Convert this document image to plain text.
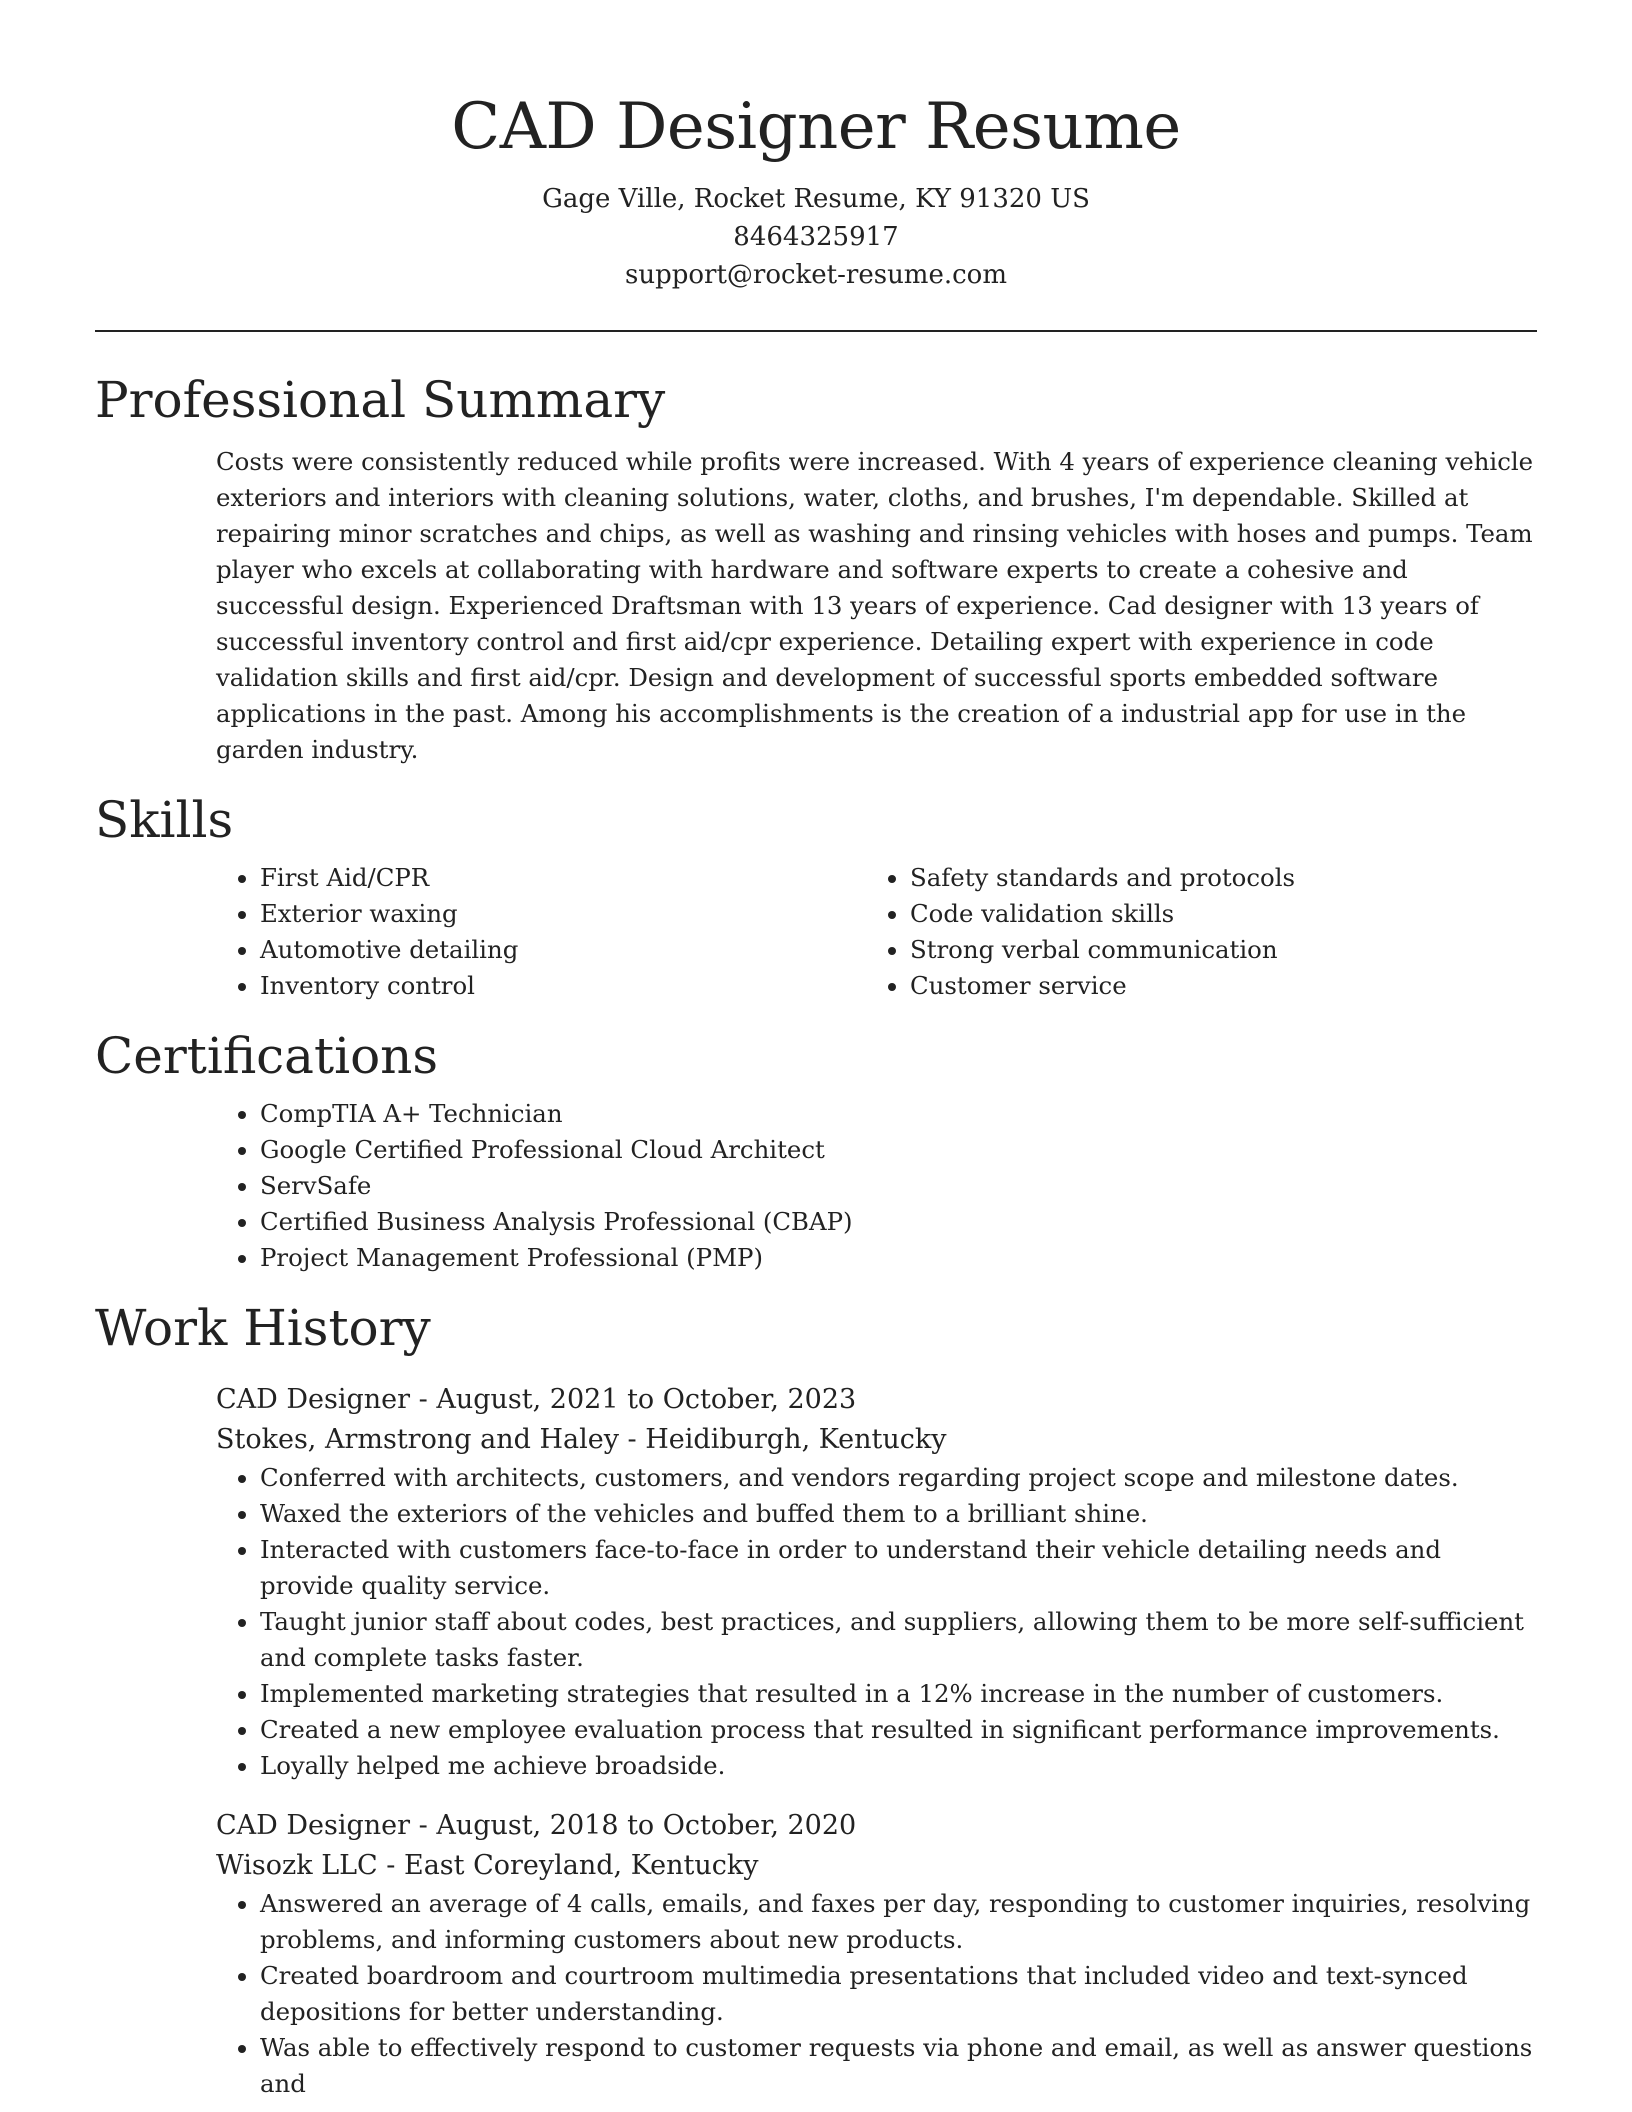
CAD Designer Resume
Gage Ville, Rocket Resume, KY 91320 US
8464325917
support@rocket-resume.com
Professional Summary

Costs were consistently reduced while profits were increased. With 4 years of experience cleaning vehicle exteriors and interiors with cleaning solutions, water, cloths, and brushes, I'm dependable. Skilled at repairing minor scratches and chips, as well as washing and rinsing vehicles with hoses and pumps. Team player who excels at collaborating with hardware and software experts to create a cohesive and successful design. Experienced Draftsman with 13 years of experience. Cad designer with 13 years of successful inventory control and first aid/cpr experience. Detailing expert with experience in code validation skills and first aid/cpr. Design and development of successful sports embedded software applications in the past. Among his accomplishments is the creation of a industrial app for use in the garden industry.

Skills
• First Aid/CPR
• Exterior waxing
• Automotive detailing
• Inventory control
• Safety standards and protocols
• Code validation skills
• Strong verbal communication
• Customer service
Certifications
• CompTIA A+ Technician
• Google Certified Professional Cloud Architect
• ServSafe
• Certified Business Analysis Professional (CBAP)
• Project Management Professional (PMP)
Work History
CAD Designer - August, 2021 to October, 2023
Stokes, Armstrong and Haley - Heidiburgh, Kentucky
• Conferred with architects, customers, and vendors regarding project scope and milestone dates.
• Waxed the exteriors of the vehicles and buffed them to a brilliant shine.
• Interacted with customers face-to-face in order to understand their vehicle detailing needs and provide quality service.
• Taught junior staff about codes, best practices, and suppliers, allowing them to be more self-sufficient and complete tasks faster.
• Implemented marketing strategies that resulted in a 12% increase in the number of customers.
• Created a new employee evaluation process that resulted in significant performance improvements.
• Loyally helped me achieve broadside.
CAD Designer - August, 2018 to October, 2020
Wisozk LLC - East Coreyland, Kentucky
• Answered an average of 4 calls, emails, and faxes per day, responding to customer inquiries, resolving problems, and informing customers about new products.
• Created boardroom and courtroom multimedia presentations that included video and text-synced depositions for better understanding.
• Was able to effectively respond to customer requests via phone and email, as well as answer questions and
